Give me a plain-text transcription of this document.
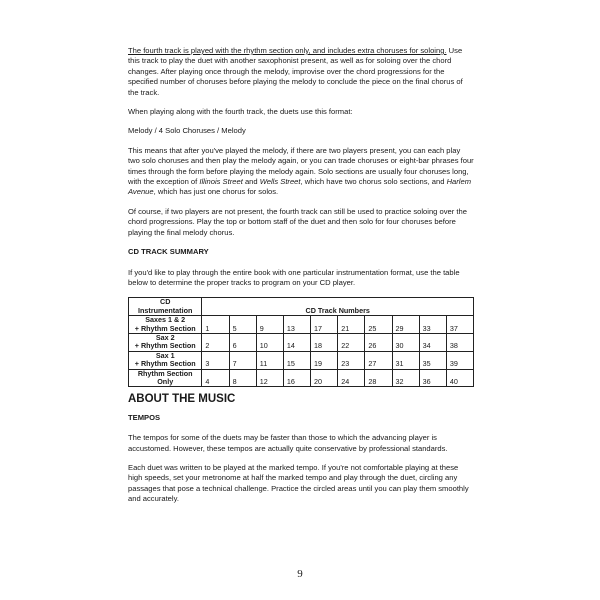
The fourth track is played with the rhythm section only, and includes extra choruses for soloing. Use this track to play the duet with another saxophonist present, as well as for soloing over the chord changes. After playing once through the melody, improvise over the chord progressions for the specified number of choruses before playing the melody to conclude the piece on the final chorus of the track.

When playing along with the fourth track, the duets use this format:

Melody / 4 Solo Choruses / Melody

This means that after you've played the melody, if there are two players present, you can each play two solo choruses and then play the melody again, or you can trade choruses or eight-bar phrases four times through the form before playing the melody again. Solo sections are usually four choruses long, with the exception of Illinois Street and Wells Street, which have two chorus solo sections, and Harlem Avenue, which has just one chorus for solos.

Of course, if two players are not present, the fourth track can still be used to practice soloing over the chord progressions. Play the top or bottom staff of the duet and then solo for four choruses before playing the final melody chorus.

CD TRACK SUMMARY

If you'd like to play through the entire book with one particular instrumentation format, use the table below to determine the proper tracks to program on your CD player.

CD
Instrumentation	CD Track Numbers									
Saxes 1 & 2
+ Rhythm Section	1	5	9	13	17	21	25	29	33	37
Sax 2
+ Rhythm Section	2	6	10	14	18	22	26	30	34	38
Sax 1
+ Rhythm Section	3	7	11	15	19	23	27	31	35	39
Rhythm Section
Only	4	8	12	16	20	24	28	32	36	40
ABOUT THE MUSIC
TEMPOS

The tempos for some of the duets may be faster than those to which the advancing player is accustomed. However, these tempos are actually quite conservative by professional standards.

Each duet was written to be played at the marked tempo. If you're not comfortable playing at these high speeds, set your metronome at half the marked tempo and play through the duet, circling any passages that pose a technical challenge. Practice the circled areas until you can play them smoothly and accurately.

9
